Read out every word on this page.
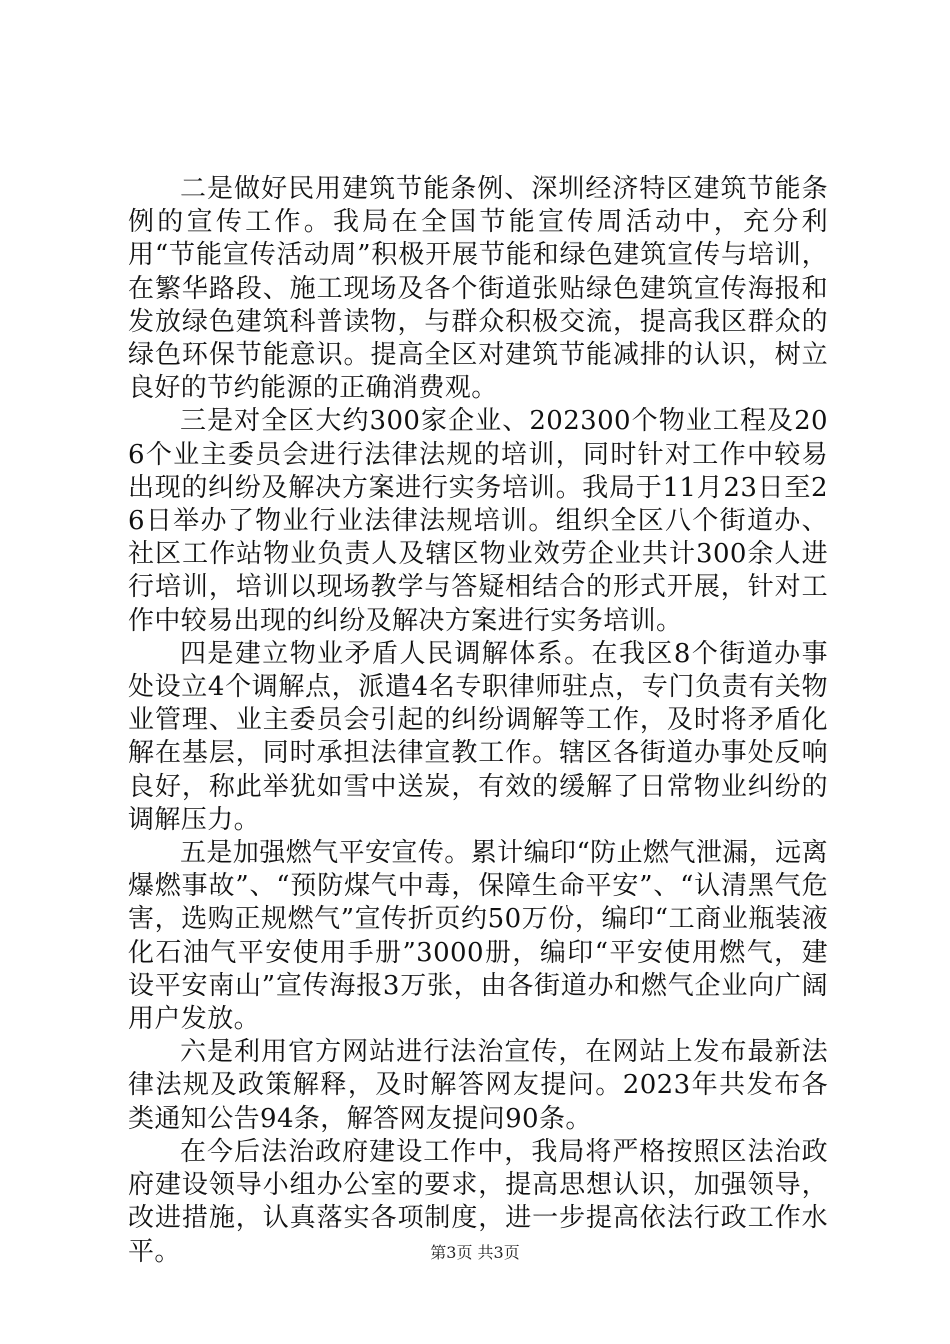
二是做好民用建筑节能条例、深圳经济特区建筑节能条例的宣传工作。我局在全国节能宣传周活动中，充分利用“节能宣传活动周”积极开展节能和绿色建筑宣传与培训，在繁华路段、施工现场及各个街道张贴绿色建筑宣传海报和发放绿色建筑科普读物，与群众积极交流，提高我区群众的绿色环保节能意识。提高全区对建筑节能减排的认识，树立良好的节约能源的正确消费观。

三是对全区大约300家企业、202300个物业工程及206个业主委员会进行法律法规的培训，同时针对工作中较易出现的纠纷及解决方案进行实务培训。我局于11月23日至26日举办了物业行业法律法规培训。组织全区八个街道办、社区工作站物业负责人及辖区物业效劳企业共计300余人进行培训，培训以现场教学与答疑相结合的形式开展，针对工作中较易出现的纠纷及解决方案进行实务培训。

四是建立物业矛盾人民调解体系。在我区8个街道办事处设立4个调解点，派遣4名专职律师驻点，专门负责有关物业管理、业主委员会引起的纠纷调解等工作，及时将矛盾化解在基层，同时承担法律宣教工作。辖区各街道办事处反响良好，称此举犹如雪中送炭，有效的缓解了日常物业纠纷的调解压力。

五是加强燃气平安宣传。累计编印“防止燃气泄漏，远离爆燃事故”、“预防煤气中毒，保障生命平安”、“认清黑气危害，选购正规燃气”宣传折页约50万份，编印“工商业瓶装液化石油气平安使用手册”3000册，编印“平安使用燃气，建设平安南山”宣传海报3万张，由各街道办和燃气企业向广阔用户发放。

六是利用官方网站进行法治宣传，在网站上发布最新法律法规及政策解释，及时解答网友提问。2023年共发布各类通知公告94条，解答网友提问90条。

在今后法治政府建设工作中，我局将严格按照区法治政府建设领导小组办公室的要求，提高思想认识，加强领导，改进措施，认真落实各项制度，进一步提高依法行政工作水平。	第3页 共3页
